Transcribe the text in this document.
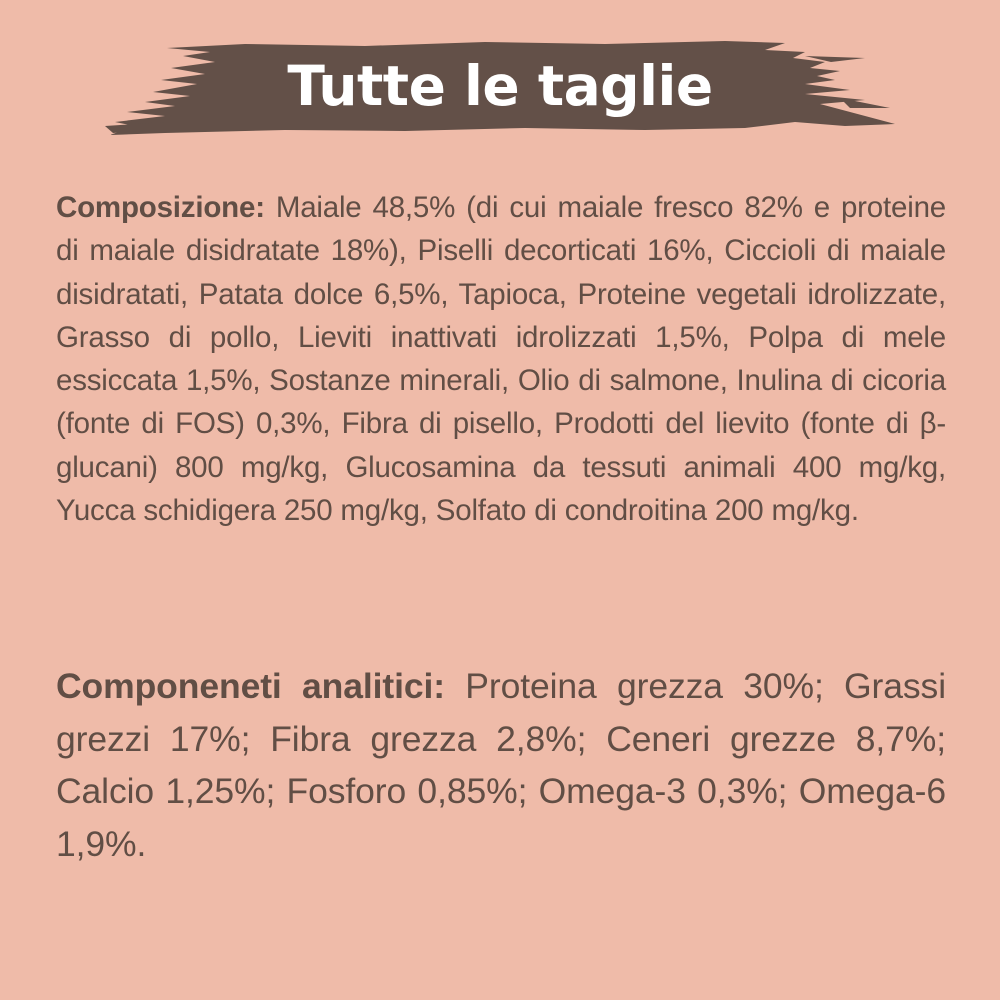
Tutte le taglie

Composizione: Maiale 48,5% (di cui maiale fresco 82% e proteine di maiale disidratate 18%), Piselli decorticati 16%, Ciccioli di maiale disidratati, Patata dolce 6,5%, Tapioca, Proteine vegetali idrolizzate, Grasso di pollo, Lieviti inattivati idrolizzati 1,5%, Polpa di mele essiccata 1,5%, Sostanze minerali, Olio di salmone, Inulina di cicoria (fonte di FOS) 0,3%, Fibra di pisello, Prodotti del lievito (fonte di β-glucani) 800 mg/kg, Glucosamina da tessuti animali 400 mg/kg, Yucca schidigera 250 mg/kg, Solfato di condroitina 200 mg/kg.

Componeneti analitici: Proteina grezza 30%; Grassi grezzi 17%; Fibra grezza 2,8%; Ceneri grezze 8,7%; Calcio 1,25%; Fosforo 0,85%; Omega-3 0,3%; Omega-6 1,9%.
